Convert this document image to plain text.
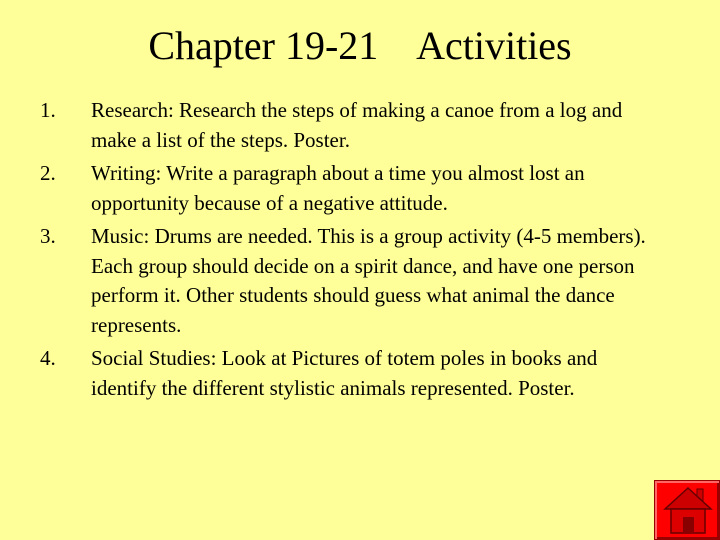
Chapter 19-21    Activities
1.	Research: Research the steps of making a canoe from a log and make a list of the steps. Poster.
2.	Writing: Write a paragraph about a time you almost lost an opportunity because of a negative attitude.
3.	Music: Drums are needed. This is a group activity (4-5 members). Each group should decide on a spirit dance, and have one person perform it. Other students should guess what animal the dance represents.
4.	Social Studies: Look at Pictures of totem poles in books and identify the different stylistic animals represented. Poster.
